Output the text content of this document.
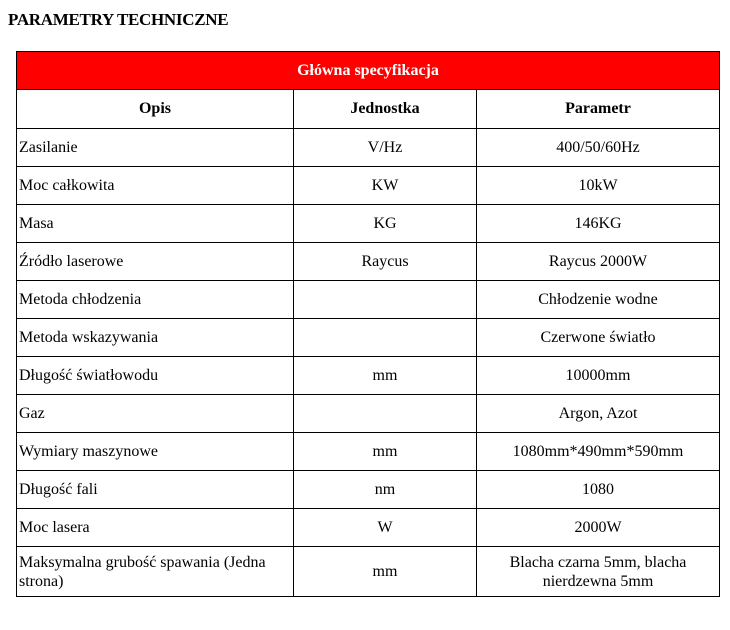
PARAMETRY TECHNICZNE
Główna specyfikacja		
Opis	Jednostka	Parametr
Zasilanie	V/Hz	400/50/60Hz
Moc całkowita	KW	10kW
Masa	KG	146KG
Źródło laserowe	Raycus	Raycus 2000W
Metoda chłodzenia		Chłodzenie wodne
Metoda wskazywania		Czerwone światło
Długość światłowodu	mm	10000mm
Gaz		Argon, Azot
Wymiary maszynowe	mm	1080mm*490mm*590mm
Długość fali	nm	1080
Moc lasera	W	2000W
Maksymalna grubość spawania (Jedna strona)	mm	Blacha czarna 5mm, blacha nierdzewna 5mm
